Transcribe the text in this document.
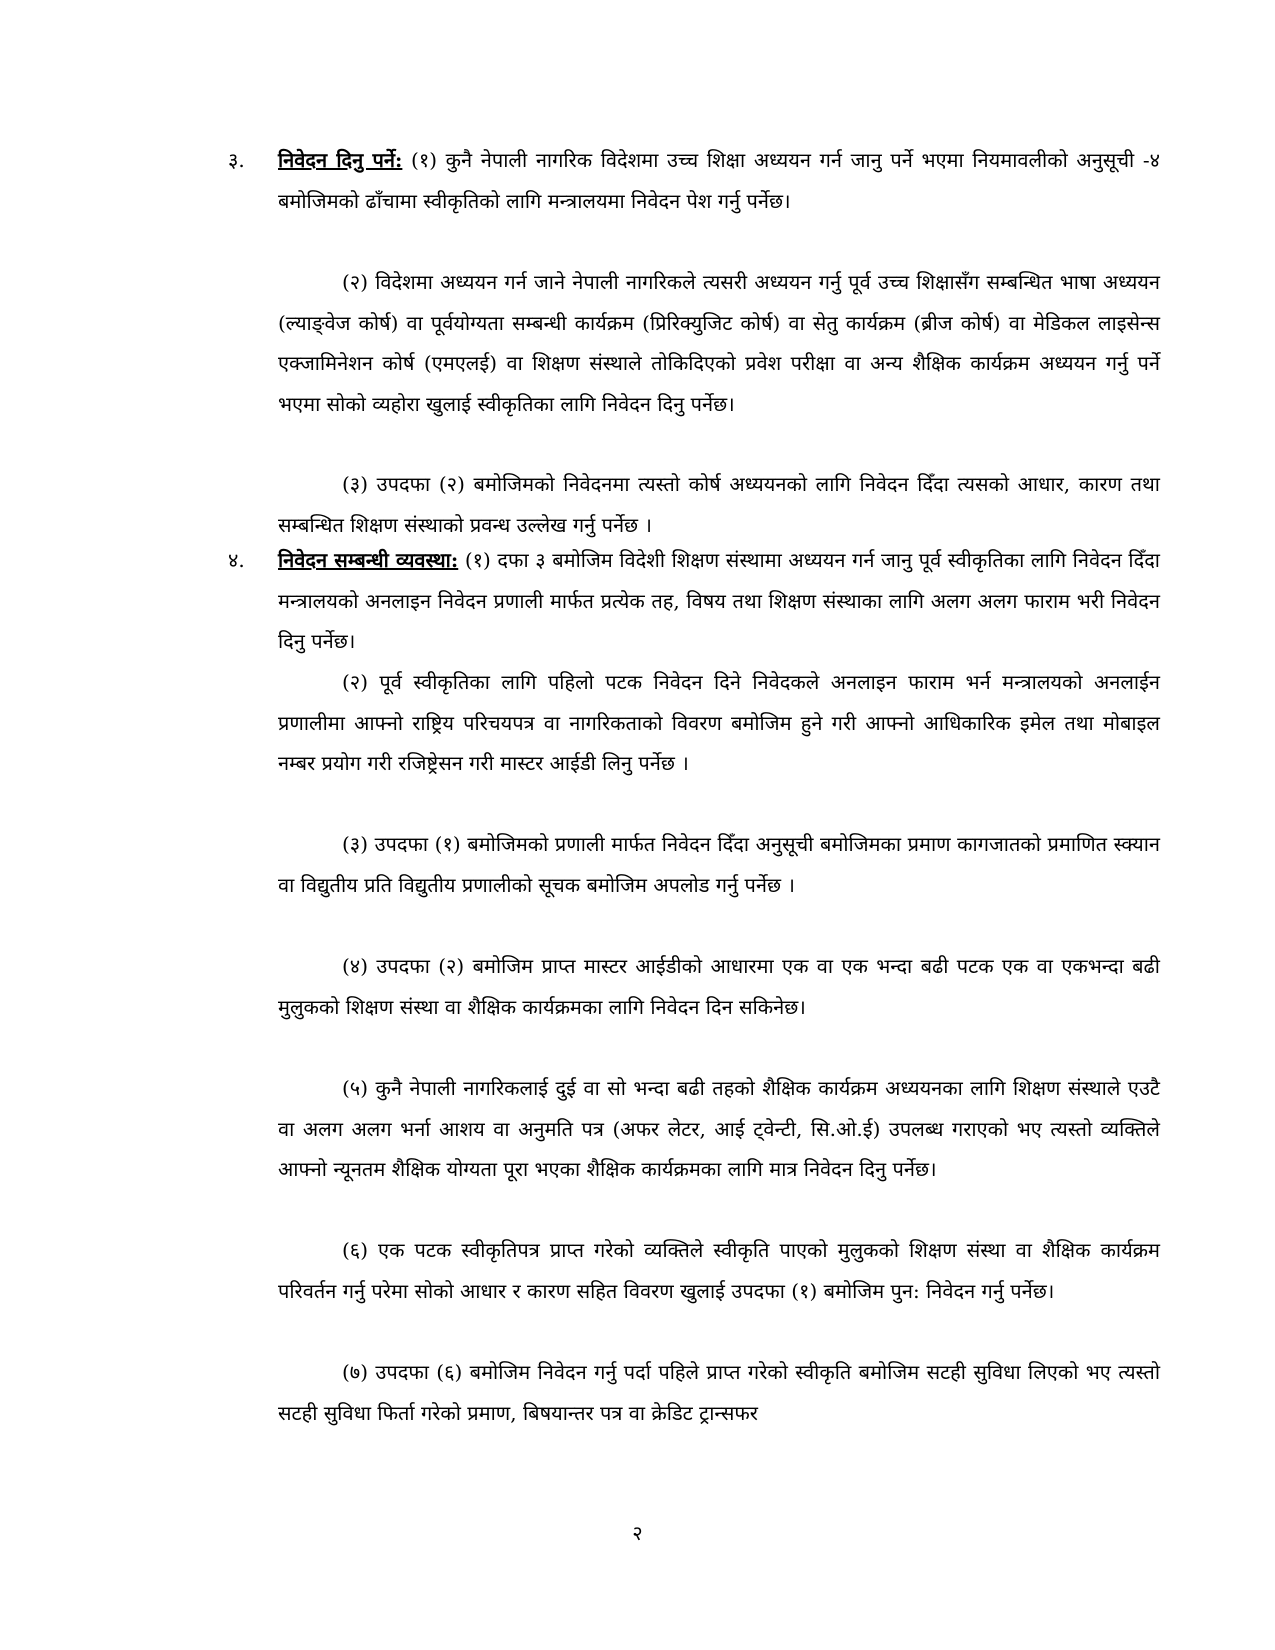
३. निवेदन दिनु पर्ने: (१) कुनै नेपाली नागरिक विदेशमा उच्च शिक्षा अध्ययन गर्न जानु पर्ने भएमा नियमावलीको अनुसूची -४ बमोजिमको ढाँचामा स्वीकृतिको लागि मन्त्रालयमा निवेदन पेश गर्नु पर्नेछ।

(२) विदेशमा अध्ययन गर्न जाने नेपाली नागरिकले त्यसरी अध्ययन गर्नु पूर्व उच्च शिक्षासँग सम्बन्धित भाषा अध्ययन (ल्याङ्वेज कोर्ष) वा पूर्वयोग्यता सम्बन्धी कार्यक्रम (प्रिरिक्युजिट कोर्ष) वा सेतु कार्यक्रम (ब्रीज कोर्ष) वा मेडिकल लाइसेन्स एक्जामिनेशन कोर्ष (एमएलई) वा शिक्षण संस्थाले तोकिदिएको प्रवेश परीक्षा वा अन्य शैक्षिक कार्यक्रम अध्ययन गर्नु पर्ने भएमा सोको व्यहोरा खुलाई स्वीकृतिका लागि निवेदन दिनु पर्नेछ।

(३) उपदफा (२) बमोजिमको निवेदनमा त्यस्तो कोर्ष अध्ययनको लागि निवेदन दिँदा त्यसको आधार, कारण तथा सम्बन्धित शिक्षण संस्थाको प्रवन्ध उल्लेख गर्नु पर्नेछ ।

४. निवेदन सम्बन्धी व्यवस्था: (१) दफा ३ बमोजिम विदेशी शिक्षण संस्थामा अध्ययन गर्न जानु पूर्व स्वीकृतिका लागि निवेदन दिँदा मन्त्रालयको अनलाइन निवेदन प्रणाली मार्फत प्रत्येक तह, विषय तथा शिक्षण संस्थाका लागि अलग अलग फाराम भरी निवेदन दिनु पर्नेछ।

(२) पूर्व स्वीकृतिका लागि पहिलो पटक निवेदन दिने निवेदकले अनलाइन फाराम भर्न मन्त्रालयको अनलाईन प्रणालीमा आफ्नो राष्ट्रिय परिचयपत्र वा नागरिकताको विवरण बमोजिम हुने गरी आफ्नो आधिकारिक इमेल तथा मोबाइल नम्बर प्रयोग गरी रजिष्ट्रेसन गरी मास्टर आईडी लिनु पर्नेछ ।

(३) उपदफा (१) बमोजिमको प्रणाली मार्फत निवेदन दिँदा अनुसूची बमोजिमका प्रमाण कागजातको प्रमाणित स्क्यान वा विद्युतीय प्रति विद्युतीय प्रणालीको सूचक बमोजिम अपलोड गर्नु पर्नेछ ।

(४) उपदफा (२) बमोजिम प्राप्त मास्टर आईडीको आधारमा एक वा एक भन्दा बढी पटक एक वा एकभन्दा बढी मुलुकको शिक्षण संस्था वा शैक्षिक कार्यक्रमका लागि निवेदन दिन सकिनेछ।

(५) कुनै नेपाली नागरिकलाई दुई वा सो भन्दा बढी तहको शैक्षिक कार्यक्रम अध्ययनका लागि शिक्षण संस्थाले एउटै वा अलग अलग भर्ना आशय वा अनुमति पत्र (अफर लेटर, आई ट्वेन्टी, सि.ओ.ई) उपलब्ध गराएको भए त्यस्तो व्यक्तिले आफ्नो न्यूनतम शैक्षिक योग्यता पूरा भएका शैक्षिक कार्यक्रमका लागि मात्र निवेदन दिनु पर्नेछ।

(६) एक पटक स्वीकृतिपत्र प्राप्त गरेको व्यक्तिले स्वीकृति पाएको मुलुकको शिक्षण संस्था वा शैक्षिक कार्यक्रम परिवर्तन गर्नु परेमा सोको आधार र कारण सहित विवरण खुलाई उपदफा (१) बमोजिम पुन: निवेदन गर्नु पर्नेछ।

(७) उपदफा (६) बमोजिम निवेदन गर्नु पर्दा पहिले प्राप्त गरेको स्वीकृति बमोजिम सटही सुविधा लिएको भए त्यस्तो सटही सुविधा फिर्ता गरेको प्रमाण, बिषयान्तर पत्र वा क्रेडिट ट्रान्सफर

२
